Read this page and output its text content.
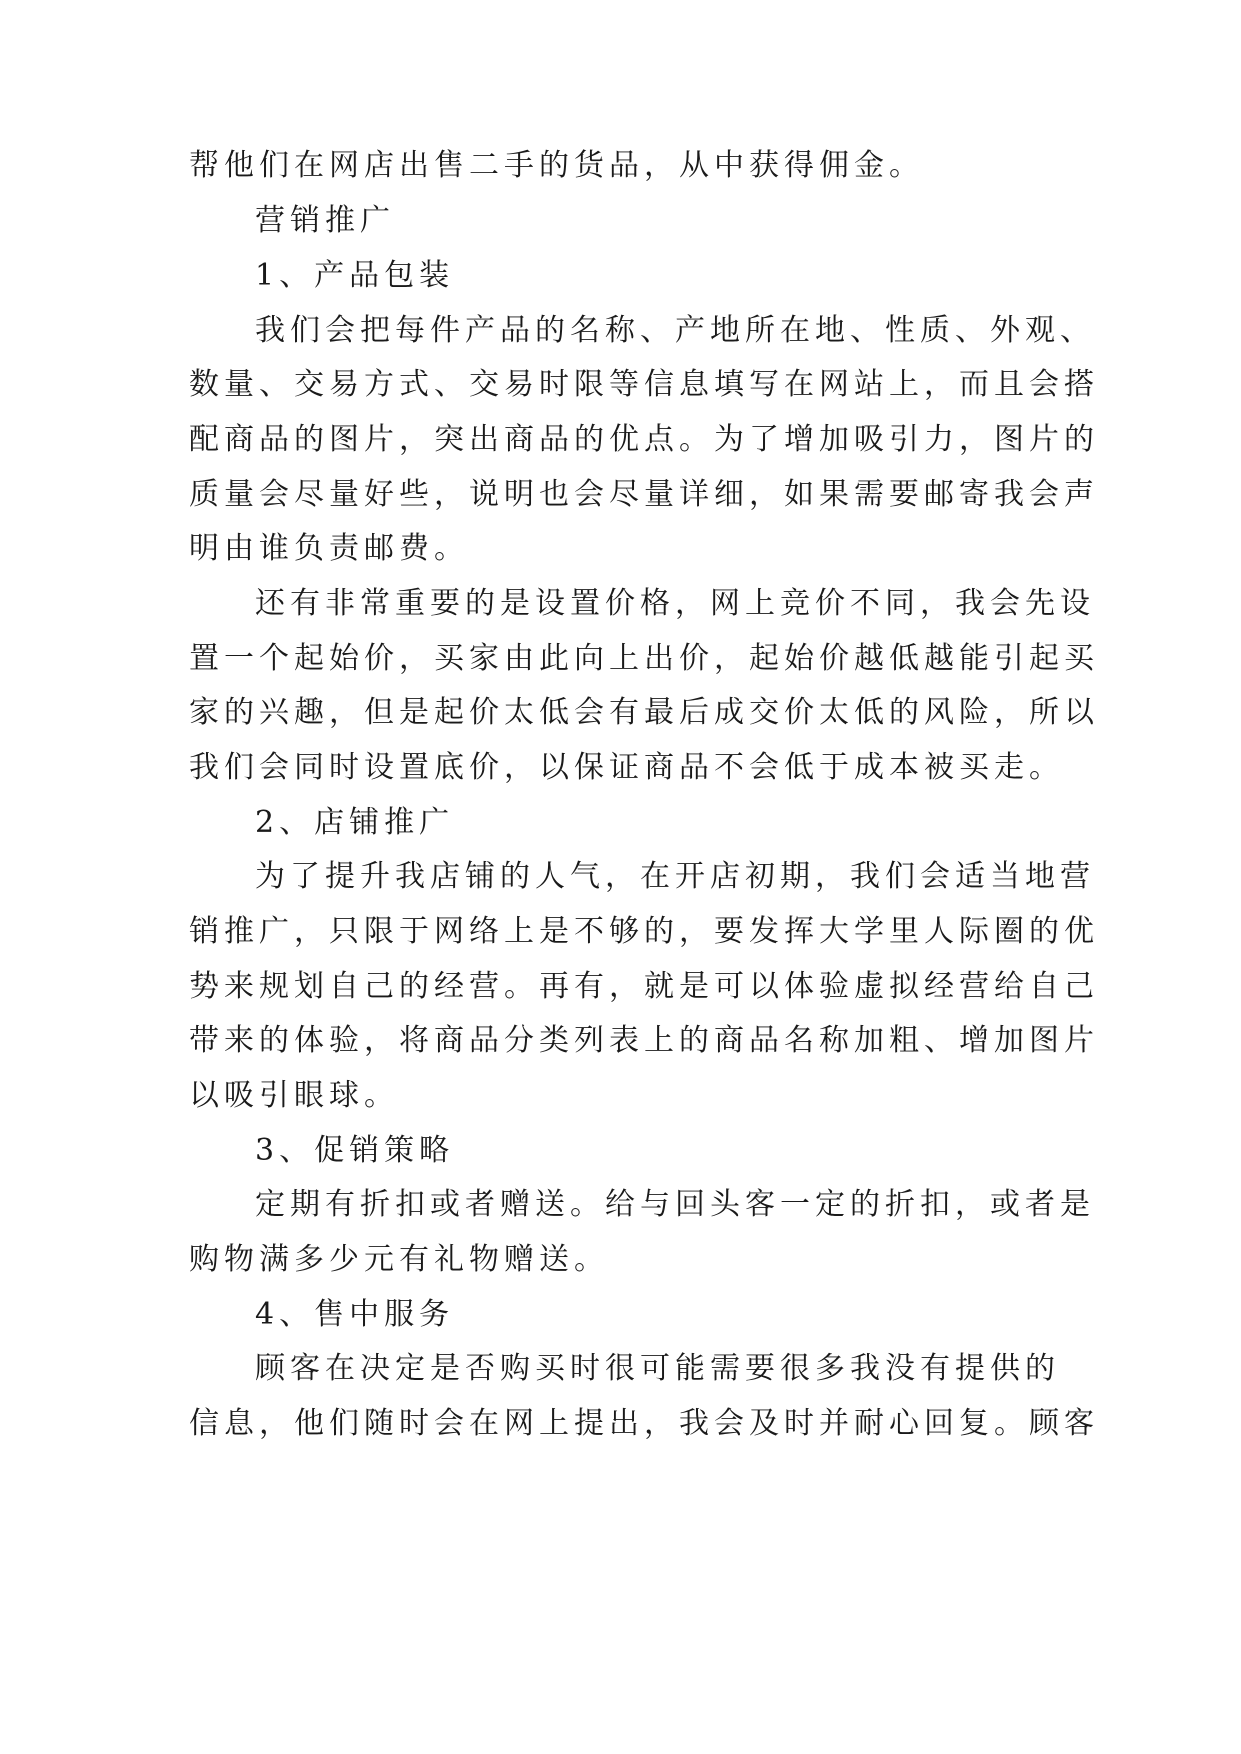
帮他们在网店出售二手的货品，从中获得佣金。

营销推广

1、产品包装

我们会把每件产品的名称、产地所在地、性质、外观、

数量、交易方式、交易时限等信息填写在网站上，而且会搭

配商品的图片，突出商品的优点。为了增加吸引力，图片的

质量会尽量好些，说明也会尽量详细，如果需要邮寄我会声

明由谁负责邮费。

还有非常重要的是设置价格，网上竞价不同，我会先设

置一个起始价，买家由此向上出价，起始价越低越能引起买

家的兴趣，但是起价太低会有最后成交价太低的风险，所以

我们会同时设置底价，以保证商品不会低于成本被买走。

2、店铺推广

为了提升我店铺的人气，在开店初期，我们会适当地营

销推广，只限于网络上是不够的，要发挥大学里人际圈的优

势来规划自己的经营。再有，就是可以体验虚拟经营给自己

带来的体验，将商品分类列表上的商品名称加粗、增加图片

以吸引眼球。

3、促销策略

定期有折扣或者赠送。给与回头客一定的折扣，或者是

购物满多少元有礼物赠送。

4、售中服务

顾客在决定是否购买时很可能需要很多我没有提供的

信息，他们随时会在网上提出，我会及时并耐心回复。顾客
